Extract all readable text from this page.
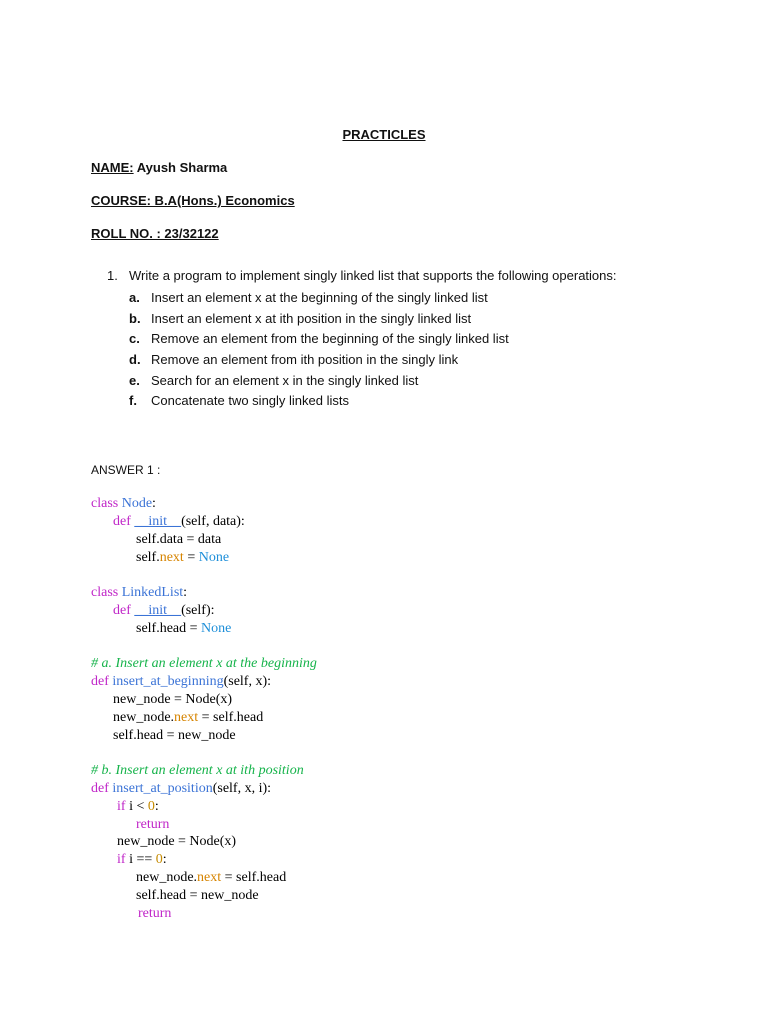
PRACTICLES
NAME: Ayush Sharma
COURSE: B.A(Hons.) Economics
ROLL NO. : 23/32122
1. Write a program to implement singly linked list that supports the following operations:
a. Insert an element x at the beginning of the singly linked list
b. Insert an element x at ith position in the singly linked list
c. Remove an element from the beginning of the singly linked list
d. Remove an element from ith position in the singly link
e. Search for an element x in the singly linked list
f. Concatenate two singly linked lists
ANSWER 1 :
class Node:
def __init__(self, data):
self.data = data
self.next = None
class LinkedList:
def __init__(self):
self.head = None
# a. Insert an element x at the beginning
def insert_at_beginning(self, x):
new_node = Node(x)
new_node.next = self.head
self.head = new_node
# b. Insert an element x at ith position
def insert_at_position(self, x, i):
if i < 0:
return
new_node = Node(x)
if i == 0:
new_node.next = self.head
self.head = new_node
return
